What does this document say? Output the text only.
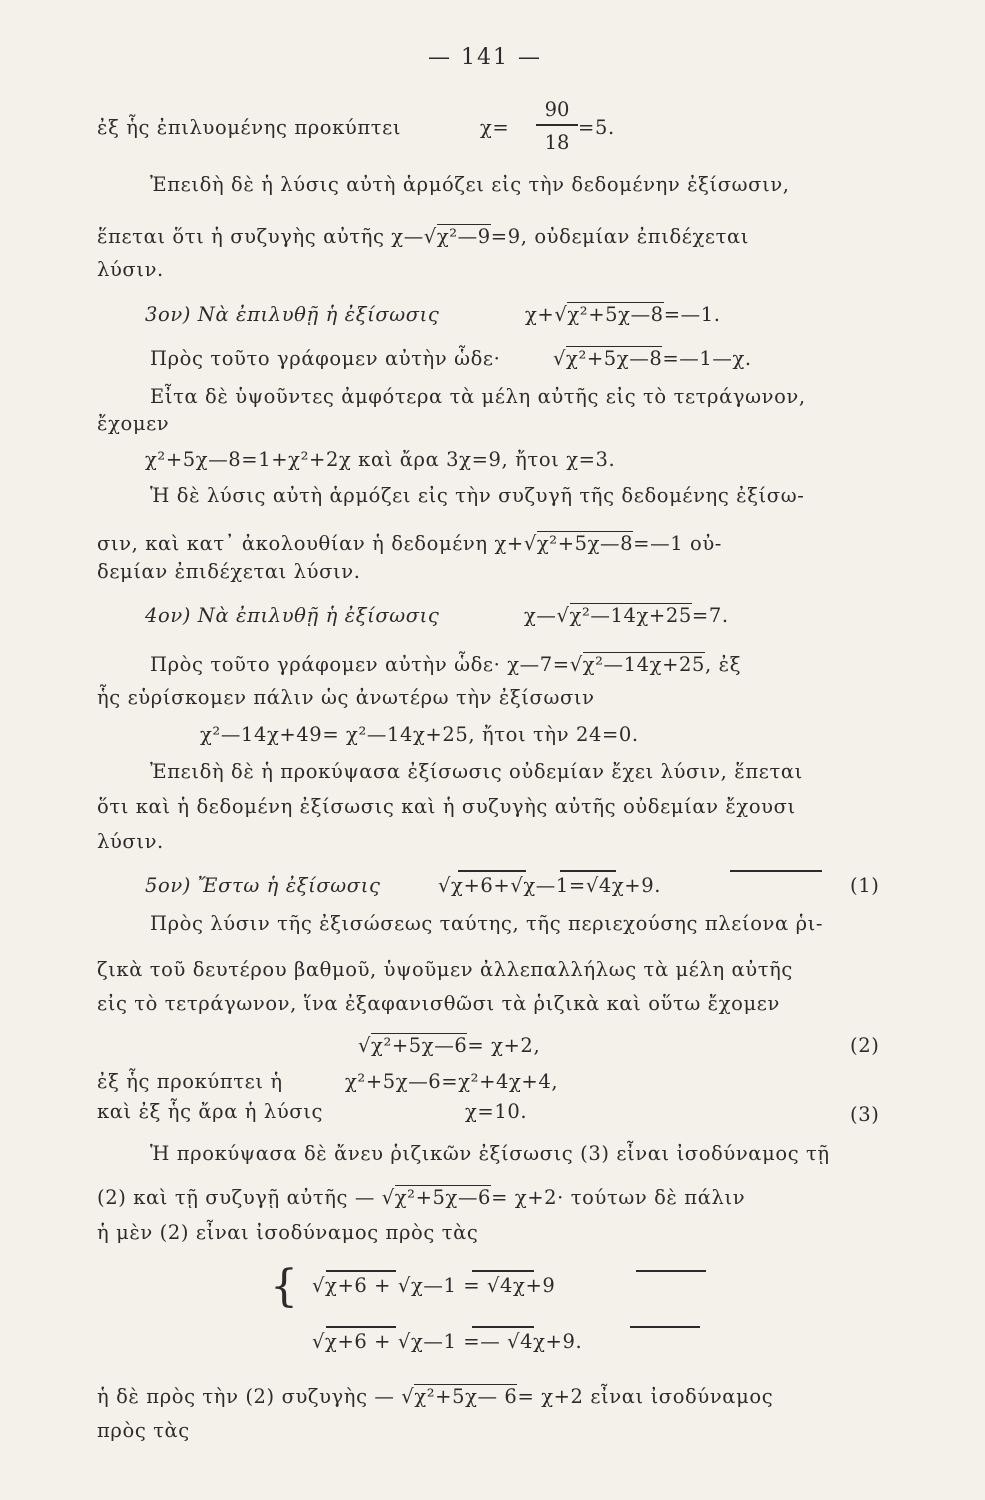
— 141 —
ἐξ ἧς ἐπιλυομένης προκύπτει	χ=
90
18
=5.
Ἐπειδὴ δὲ ἡ λύσις αὐτὴ ἁρμόζει εἰς τὴν δεδομένην ἐξίσωσιν,
ἕπεται ὅτι ἡ συζυγὴς αὐτῆς χ—√χ²—9=9, οὐδεμίαν ἐπιδέχεται
λύσιν.
3ον) Νὰ ἐπιλυθῇ ἡ ἐξίσωσις	χ+√χ²+5χ—8=—1.
Πρὸς τοῦτο γράφομεν αὐτὴν ὧδε·	√χ²+5χ—8=—1—χ.
Εἶτα δὲ ὑψοῦντες ἀμφότερα τὰ μέλη αὐτῆς εἰς τὸ τετράγωνον,
ἔχομεν
χ²+5χ—8=1+χ²+2χ καὶ ἄρα 3χ=9, ἤτοι χ=3.
Ἡ δὲ λύσις αὐτὴ ἁρμόζει εἰς τὴν συζυγῆ τῆς δεδομένης ἐξίσω-
σιν, καὶ κατ᾿ ἀκολουθίαν ἡ δεδομένη χ+√χ²+5χ—8=—1 οὐ-
δεμίαν ἐπιδέχεται λύσιν.
4ον) Νὰ ἐπιλυθῇ ἡ ἐξίσωσις	χ—√χ²—14χ+25=7.
Πρὸς τοῦτο γράφομεν αὐτὴν ὧδε· χ—7=√χ²—14χ+25, ἐξ
ἧς εὑρίσκομεν πάλιν ὡς ἀνωτέρω τὴν ἐξίσωσιν
χ²—14χ+49= χ²—14χ+25, ἤτοι τὴν 24=0.
Ἐπειδὴ δὲ ἡ προκύψασα ἐξίσωσις οὐδεμίαν ἔχει λύσιν, ἕπεται
ὅτι καὶ ἡ δεδομένη ἐξίσωσις καὶ ἡ συζυγὴς αὐτῆς οὐδεμίαν ἔχουσι
λύσιν.
5ον) Ἔστω ἡ ἐξίσωσις	√χ+6+√χ—1=√4χ+9.	(1)
Πρὸς λύσιν τῆς ἐξισώσεως ταύτης, τῆς περιεχούσης πλείονα ῥι-
ζικὰ τοῦ δευτέρου βαθμοῦ, ὑψοῦμεν ἀλλεπαλλήλως τὰ μέλη αὐτῆς
εἰς τὸ τετράγωνον, ἵνα ἐξαφανισθῶσι τὰ ῥιζικὰ καὶ οὕτω ἔχομεν
√χ²+5χ—6= χ+2,	(2)
ἐξ ἧς προκύπτει ἡ	χ²+5χ—6=χ²+4χ+4,
καὶ ἐξ ἧς ἄρα ἡ λύσις	χ=10.	(3)
Ἡ προκύψασα δὲ ἄνευ ῥιζικῶν ἐξίσωσις (3) εἶναι ἰσοδύναμος τῇ
(2) καὶ τῇ συζυγῇ αὐτῆς — √χ²+5χ—6= χ+2· τούτων δὲ πάλιν
ἡ μὲν (2) εἶναι ἰσοδύναμος πρὸς τὰς
{ √χ+6 + √χ—1 = √4χ+9
√χ+6 + √χ—1 =— √4χ+9.
ἡ δὲ πρὸς τὴν (2) συζυγὴς — √χ²+5χ— 6= χ+2 εἶναι ἰσοδύναμος
πρὸς τὰς
